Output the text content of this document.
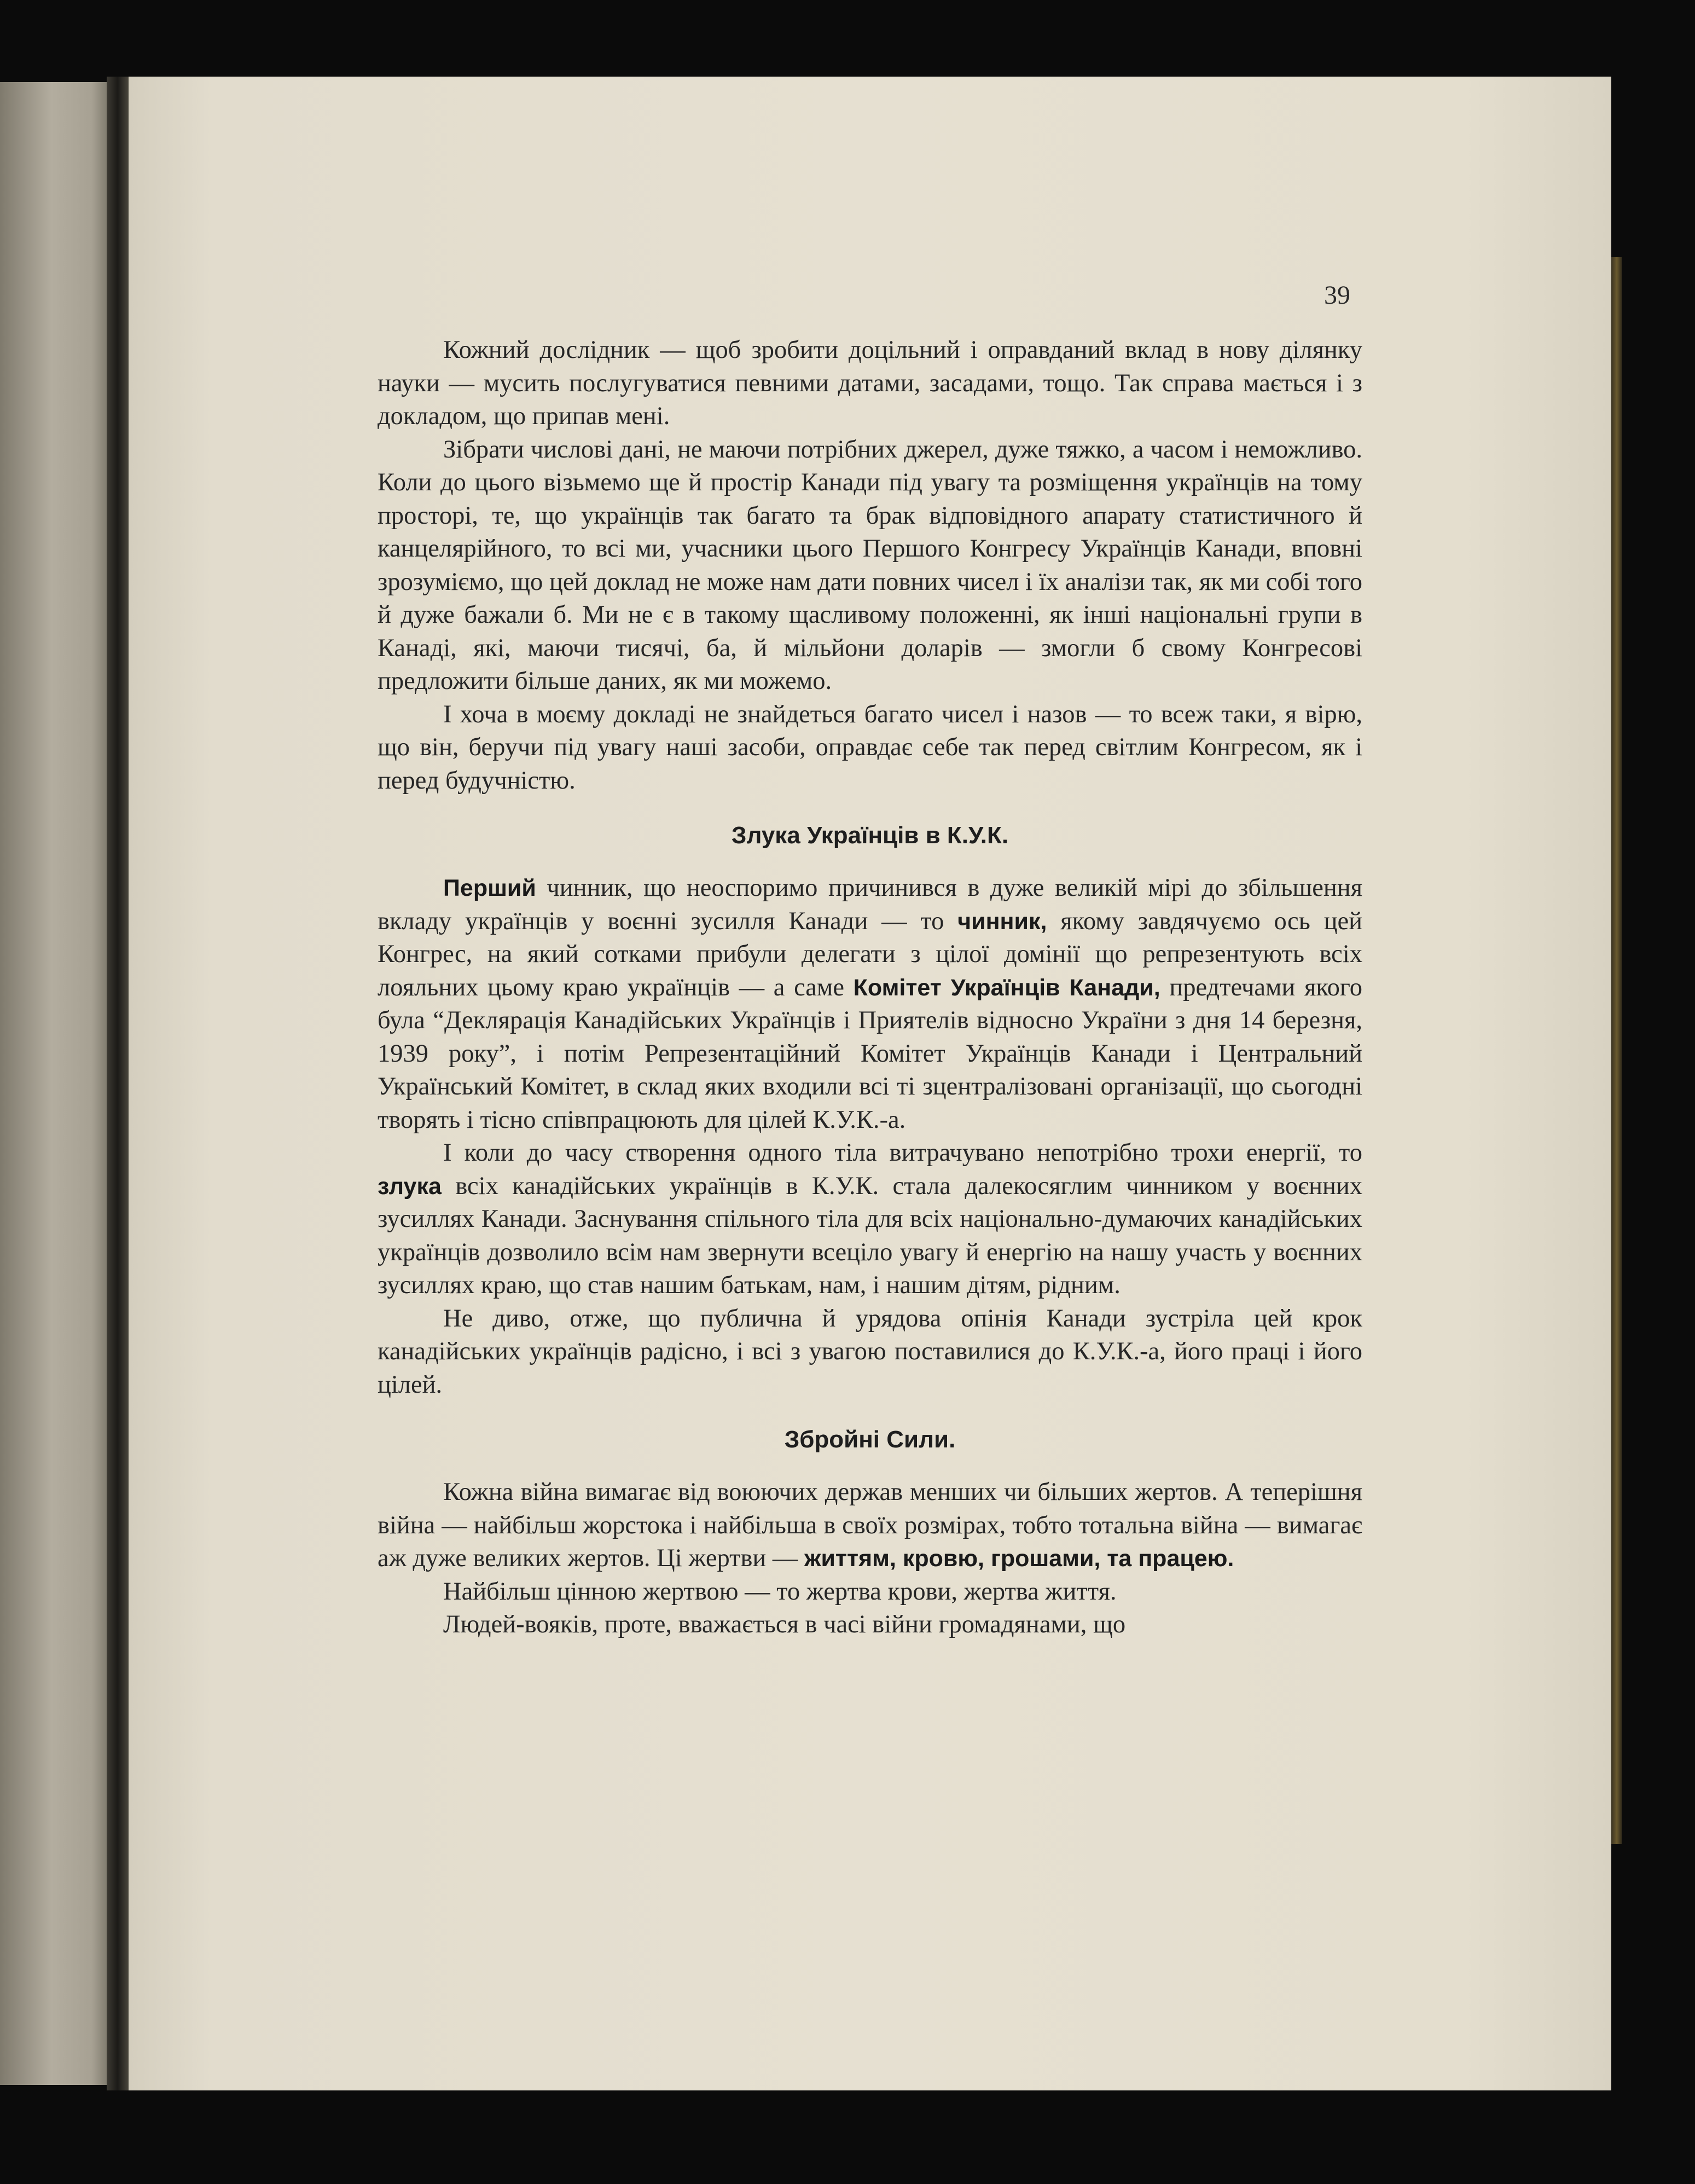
39

Кожний дослідник — щоб зробити доцільний і оправданий вклад в нову ділянку науки — мусить послугуватися певними датами, засадами, тощо. Так справа мається і з докладом, що припав мені.

Зібрати числові дані, не маючи потрібних джерел, дуже тяжко, а часом і неможливо. Коли до цього візьмемо ще й простір Канади під увагу та розміщення українців на тому просторі, те, що українців так багато та брак відповідного апарату статистичного й канцелярійного, то всі ми, учасники цього Першого Конгресу Українців Канади, вповні зрозуміємо, що цей доклад не може нам дати повних чисел і їх аналізи так, як ми собі того й дуже бажали б. Ми не є в такому щасливому положенні, як інші національні групи в Канаді, які, маючи тисячі, ба, й мільйони доларів — змогли б свому Конгресові предложити більше даних, як ми можемо.

І хоча в моєму докладі не знайдеться багато чисел і назов — то всеж таки, я вірю, що він, беручи під увагу наші засоби, оправдає себе так перед світлим Конгресом, як і перед будучністю.

Злука Українців в К.У.К.

Перший чинник, що неоспоримо причинився в дуже великій мірі до збільшення вкладу українців у воєнні зусилля Канади — то чинник, якому завдячуємо ось цей Конгрес, на який сотками прибули делегати з цілої домінії що репрезентують всіх лояльних цьому краю українців — а саме Комітет Українців Канади, предтечами якого була “Деклярація Канадійських Українців і Приятелів відносно України з дня 14 березня, 1939 року”, і потім Репрезентаційний Комітет Українців Канади і Центральний Український Комітет, в склад яких входили всі ті зцентралізовані організації, що сьогодні творять і тісно співпрацюють для цілей К.У.К.-а.

І коли до часу створення одного тіла витрачувано непотрібно трохи енергії, то злука всіх канадійських українців в К.У.К. стала далекосяглим чинником у воєнних зусиллях Канади. Заснування спільного тіла для всіх національно-думаючих канадійських українців дозволило всім нам звернути всеціло увагу й енергію на нашу участь у воєнних зусиллях краю, що став нашим батькам, нам, і нашим дітям, рідним.

Не диво, отже, що публична й урядова опінія Канади зустріла цей крок канадійських українців радісно, і всі з увагою поставилися до К.У.К.-а, його праці і його цілей.

Збройні Сили.

Кожна війна вимагає від воюючих держав менших чи більших жертов. А теперішня війна — найбільш жорстока і найбільша в своїх розмірах, тобто тотальна війна — вимагає аж дуже великих жертов. Ці жертви — життям, кровю, грошами, та працею.

Найбільш цінною жертвою — то жертва крови, жертва життя.

Людей-вояків, проте, вважається в часі війни громадянами, що
